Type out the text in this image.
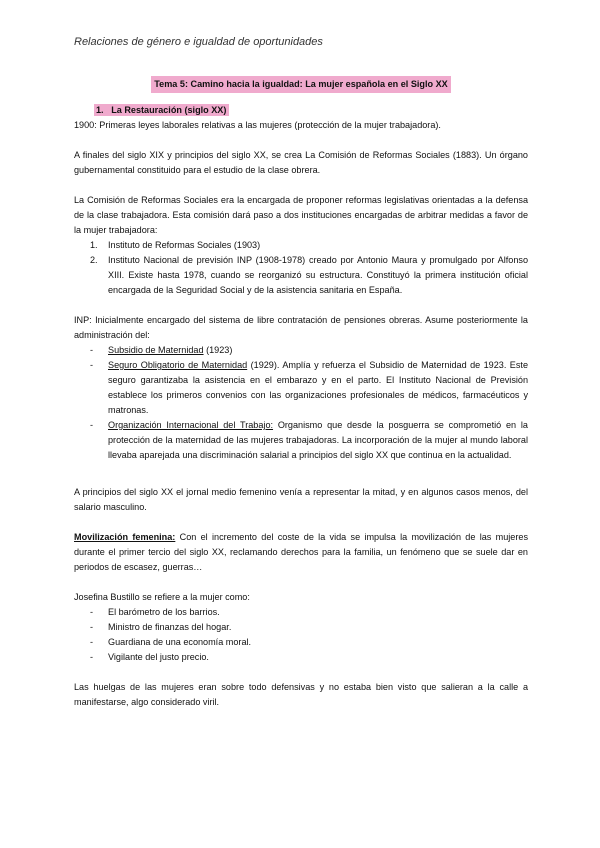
Relaciones de género e igualdad de oportunidades
Tema 5: Camino hacia la igualdad: La mujer española en el Siglo XX
1. La Restauración (siglo XX)

1900: Primeras leyes laborales relativas a las mujeres (protección de la mujer trabajadora).

A finales del siglo XIX y principios del siglo XX, se crea La Comisión de Reformas Sociales (1883). Un órgano gubernamental constituido para el estudio de la clase obrera.

La Comisión de Reformas Sociales era la encargada de proponer reformas legislativas orientadas a la defensa de la clase trabajadora. Esta comisión dará paso a dos instituciones encargadas de arbitrar medidas a favor de la mujer trabajadora:

1. Instituto de Reformas Sociales (1903)
2. Instituto Nacional de previsión INP (1908-1978) creado por Antonio Maura y promulgado por Alfonso XIII. Existe hasta 1978, cuando se reorganizó su estructura. Constituyó la primera institución oficial encargada de la Seguridad Social y de la asistencia sanitaria en España.

INP: Inicialmente encargado del sistema de libre contratación de pensiones obreras. Asume posteriormente la administración del:

- Subsidio de Maternidad (1923)
- Seguro Obligatorio de Maternidad (1929). Amplía y refuerza el Subsidio de Maternidad de 1923. Este seguro garantizaba la asistencia en el embarazo y en el parto. El Instituto Nacional de Previsión establece los primeros convenios con las organizaciones profesionales de médicos, farmacéuticos y matronas.
- Organización Internacional del Trabajo: Organismo que desde la posguerra se comprometió en la protección de la maternidad de las mujeres trabajadoras. La incorporación de la mujer al mundo laboral llevaba aparejada una discriminación salarial a principios del siglo XX que continua en la actualidad.

A principios del siglo XX el jornal medio femenino venía a representar la mitad, y en algunos casos menos, del salario masculino.

Movilización femenina: Con el incremento del coste de la vida se impulsa la movilización de las mujeres durante el primer tercio del siglo XX, reclamando derechos para la familia, un fenómeno que se suele dar en periodos de escasez, guerras…

Josefina Bustillo se refiere a la mujer como:

- El barómetro de los barrios.
- Ministro de finanzas del hogar.
- Guardiana de una economía moral.
- Vigilante del justo precio.

Las huelgas de las mujeres eran sobre todo defensivas y no estaba bien visto que salieran a la calle a manifestarse, algo considerado viril.
